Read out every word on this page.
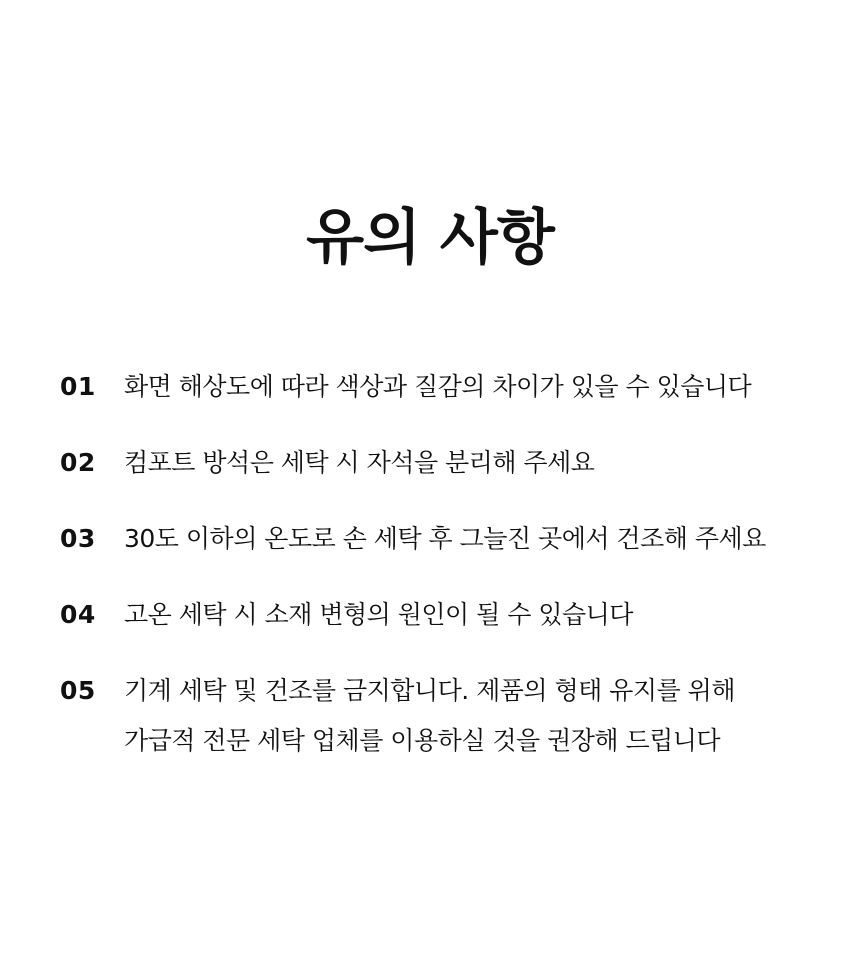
유의 사항
01	화면 해상도에 따라 색상과 질감의 차이가 있을 수 있습니다
02	컴포트 방석은 세탁 시 자석을 분리해 주세요
03	30도 이하의 온도로 손 세탁 후 그늘진 곳에서 건조해 주세요
04	고온 세탁 시 소재 변형의 원인이 될 수 있습니다
05	기계 세탁 및 건조를 금지합니다. 제품의 형태 유지를 위해
가급적 전문 세탁 업체를 이용하실 것을 권장해 드립니다
